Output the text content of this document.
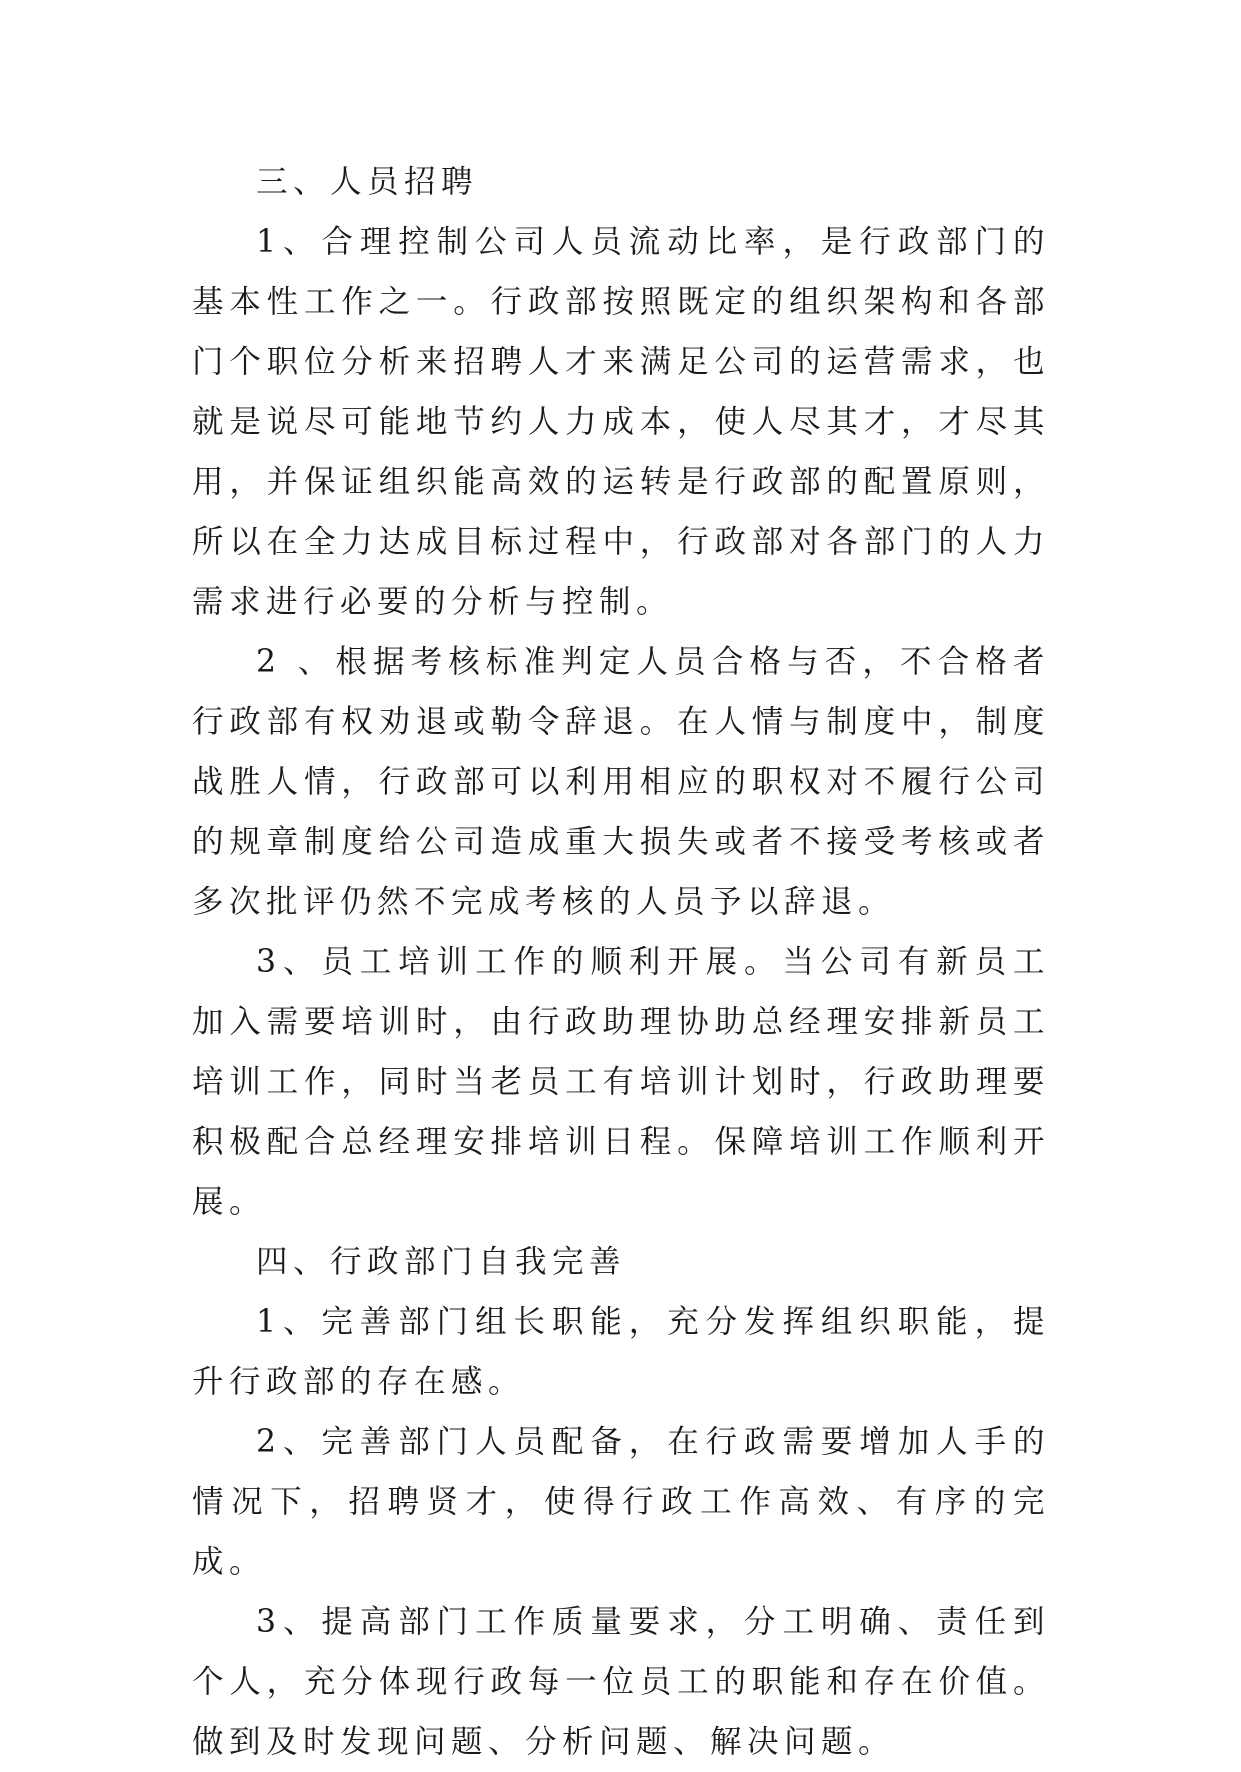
三、人员招聘

1、合理控制公司人员流动比率，是行政部门的基本性工作之一。行政部按照既定的组织架构和各部门个职位分析来招聘人才来满足公司的运营需求，也就是说尽可能地节约人力成本，使人尽其才，才尽其用，并保证组织能高效的运转是行政部的配置原则，所以在全力达成目标过程中，行政部对各部门的人力需求进行必要的分析与控制。

2 、根据考核标准判定人员合格与否，不合格者行政部有权劝退或勒令辞退。在人情与制度中，制度战胜人情，行政部可以利用相应的职权对不履行公司的规章制度给公司造成重大损失或者不接受考核或者多次批评仍然不完成考核的人员予以辞退。

3、员工培训工作的顺利开展。当公司有新员工加入需要培训时，由行政助理协助总经理安排新员工培训工作，同时当老员工有培训计划时，行政助理要积极配合总经理安排培训日程。保障培训工作顺利开展。

四、行政部门自我完善

1、完善部门组长职能，充分发挥组织职能，提升行政部的存在感。

2、完善部门人员配备，在行政需要增加人手的情况下，招聘贤才，使得行政工作高效、有序的完成。

3、提高部门工作质量要求，分工明确、责任到个人，充分体现行政每一位员工的职能和存在价值。做到及时发现问题、分析问题、解决问题。
